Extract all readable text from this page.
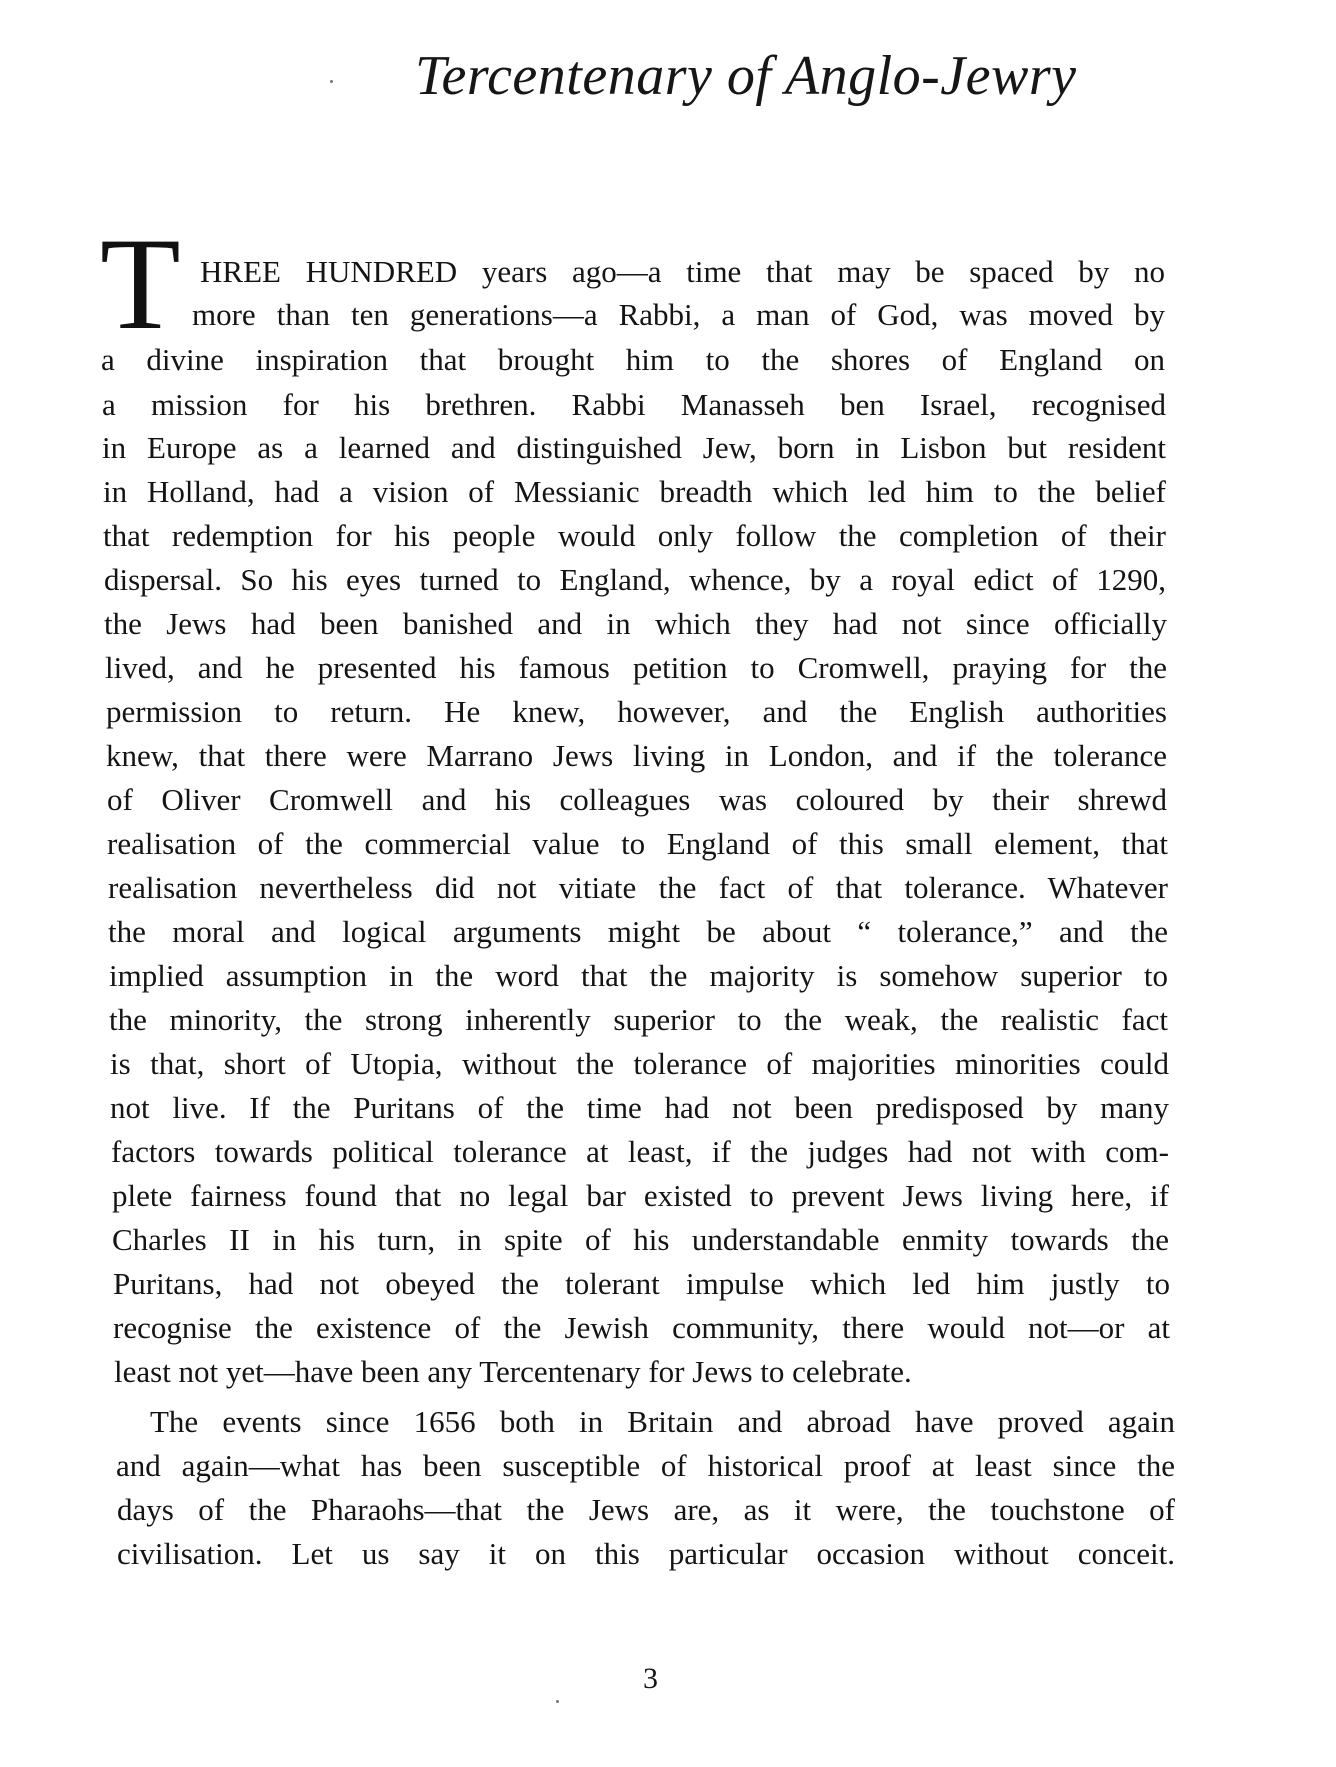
Tercentenary of Anglo-Jewry
T HREE HUNDRED years ago—a time that may be spaced by no
more than ten generations—a Rabbi, a man of God, was moved by
a divine inspiration that brought him to the shores of England on
a mission for his brethren. Rabbi Manasseh ben Israel, recognised
in Europe as a learned and distinguished Jew, born in Lisbon but resident
in Holland, had a vision of Messianic breadth which led him to the belief
that redemption for his people would only follow the completion of their
dispersal. So his eyes turned to England, whence, by a royal edict of 1290,
the Jews had been banished and in which they had not since officially
lived, and he presented his famous petition to Cromwell, praying for the
permission to return. He knew, however, and the English authorities
knew, that there were Marrano Jews living in London, and if the tolerance
of Oliver Cromwell and his colleagues was coloured by their shrewd
realisation of the commercial value to England of this small element, that
realisation nevertheless did not vitiate the fact of that tolerance. Whatever
the moral and logical arguments might be about “ tolerance,” and the
implied assumption in the word that the majority is somehow superior to
the minority, the strong inherently superior to the weak, the realistic fact
is that, short of Utopia, without the tolerance of majorities minorities could
not live. If the Puritans of the time had not been predisposed by many
factors towards political tolerance at least, if the judges had not with com-
plete fairness found that no legal bar existed to prevent Jews living here, if
Charles II in his turn, in spite of his understandable enmity towards the
Puritans, had not obeyed the tolerant impulse which led him justly to
recognise the existence of the Jewish community, there would not—or at
least not yet—have been any Tercentenary for Jews to celebrate.
The events since 1656 both in Britain and abroad have proved again
and again—what has been susceptible of historical proof at least since the
days of the Pharaohs—that the Jews are, as it were, the touchstone of
civilisation. Let us say it on this particular occasion without conceit.
3
